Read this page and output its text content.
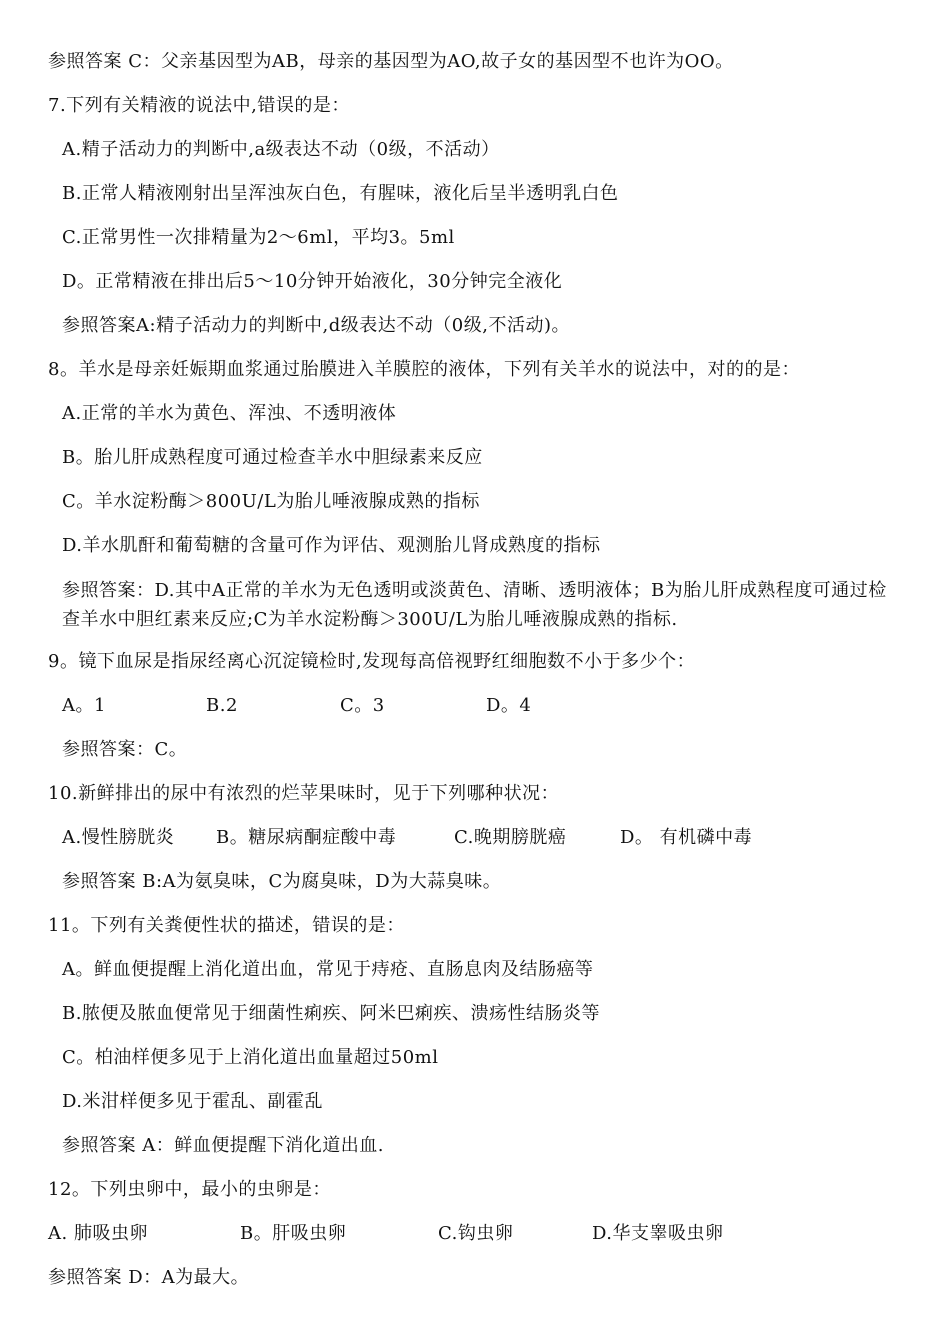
参照答案 C：父亲基因型为AB，母亲的基因型为AO,故子女的基因型不也许为OO。
7.下列有关精液的说法中,错误的是：
A.精子活动力的判断中,a级表达不动（0级，不活动）
B.正常人精液刚射出呈浑浊灰白色，有腥味，液化后呈半透明乳白色
C.正常男性一次排精量为2～6ml，平均3。5ml
D。正常精液在排出后5～10分钟开始液化，30分钟完全液化
参照答案A:精子活动力的判断中,d级表达不动（0级,不活动)。
8。羊水是母亲妊娠期血浆通过胎膜进入羊膜腔的液体，下列有关羊水的说法中，对的的是：
A.正常的羊水为黄色、浑浊、不透明液体
B。胎儿肝成熟程度可通过检查羊水中胆绿素来反应
C。羊水淀粉酶＞800U/L为胎儿唾液腺成熟的指标
D.羊水肌酐和葡萄糖的含量可作为评估、观测胎儿肾成熟度的指标
参照答案：D.其中A正常的羊水为无色透明或淡黄色、清晰、透明液体；B为胎儿肝成熟程度可通过检查羊水中胆红素来反应;C为羊水淀粉酶＞300U/L为胎儿唾液腺成熟的指标.
9。镜下血尿是指尿经离心沉淀镜检时,发现每高倍视野红细胞数不小于多少个：
A。1	B.2	C。3	D。4
参照答案：C。
10.新鲜排出的尿中有浓烈的烂苹果味时，见于下列哪种状况：
A.慢性膀胱炎 B。糖尿病酮症酸中毒	C.晚期膀胱癌	D。 有机磷中毒
参照答案 B:A为氨臭味，C为腐臭味，D为大蒜臭味。
11。下列有关粪便性状的描述，错误的是：
A。鲜血便提醒上消化道出血，常见于痔疮、直肠息肉及结肠癌等
B.脓便及脓血便常见于细菌性痢疾、阿米巴痢疾、溃疡性结肠炎等
C。柏油样便多见于上消化道出血量超过50ml
D.米泔样便多见于霍乱、副霍乱
参照答案 A：鲜血便提醒下消化道出血.
12。下列虫卵中，最小的虫卵是：
A. 肺吸虫卵	B。肝吸虫卵	C.钩虫卵	D.华支睾吸虫卵
参照答案 D：A为最大。
